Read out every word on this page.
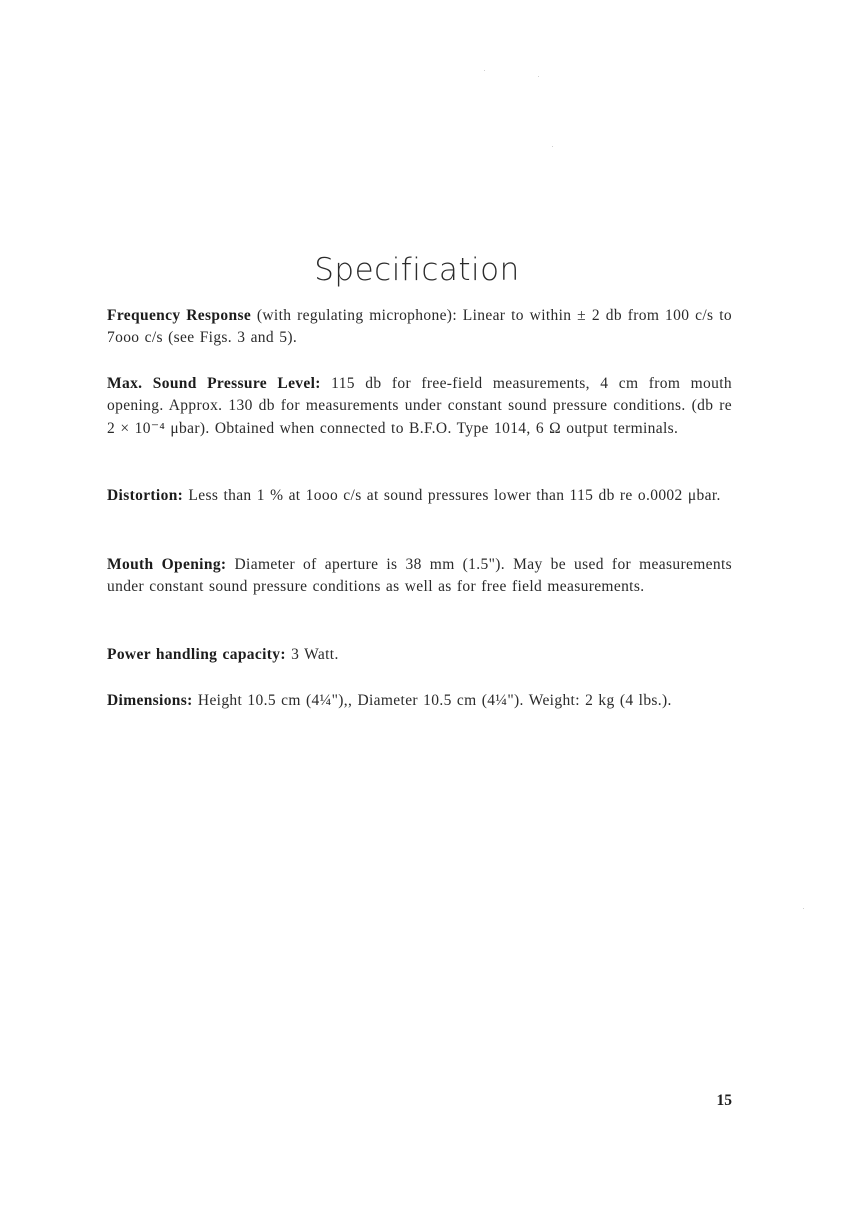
Specification

Frequency Response (with regulating microphone): Linear to within ± 2 db from 100 c/s to 7ooo c/s (see Figs. 3 and 5).

Max. Sound Pressure Level: 115 db for free-field measurements, 4 cm from mouth opening. Approx. 130 db for measurements under constant sound pressure conditions. (db re 2 × 10⁻⁴ μbar). Obtained when connected to B.F.O. Type 1014, 6 Ω output terminals.

Distortion: Less than 1 % at 1ooo c/s at sound pressures lower than 115 db re o.0002 μbar.

Mouth Opening: Diameter of aperture is 38 mm (1.5"). May be used for measurements under constant sound pressure conditions as well as for free field measurements.

Power handling capacity: 3 Watt.

Dimensions: Height 10.5 cm (4¼"),, Diameter 10.5 cm (4¼"). Weight: 2 kg (4 lbs.).

15
